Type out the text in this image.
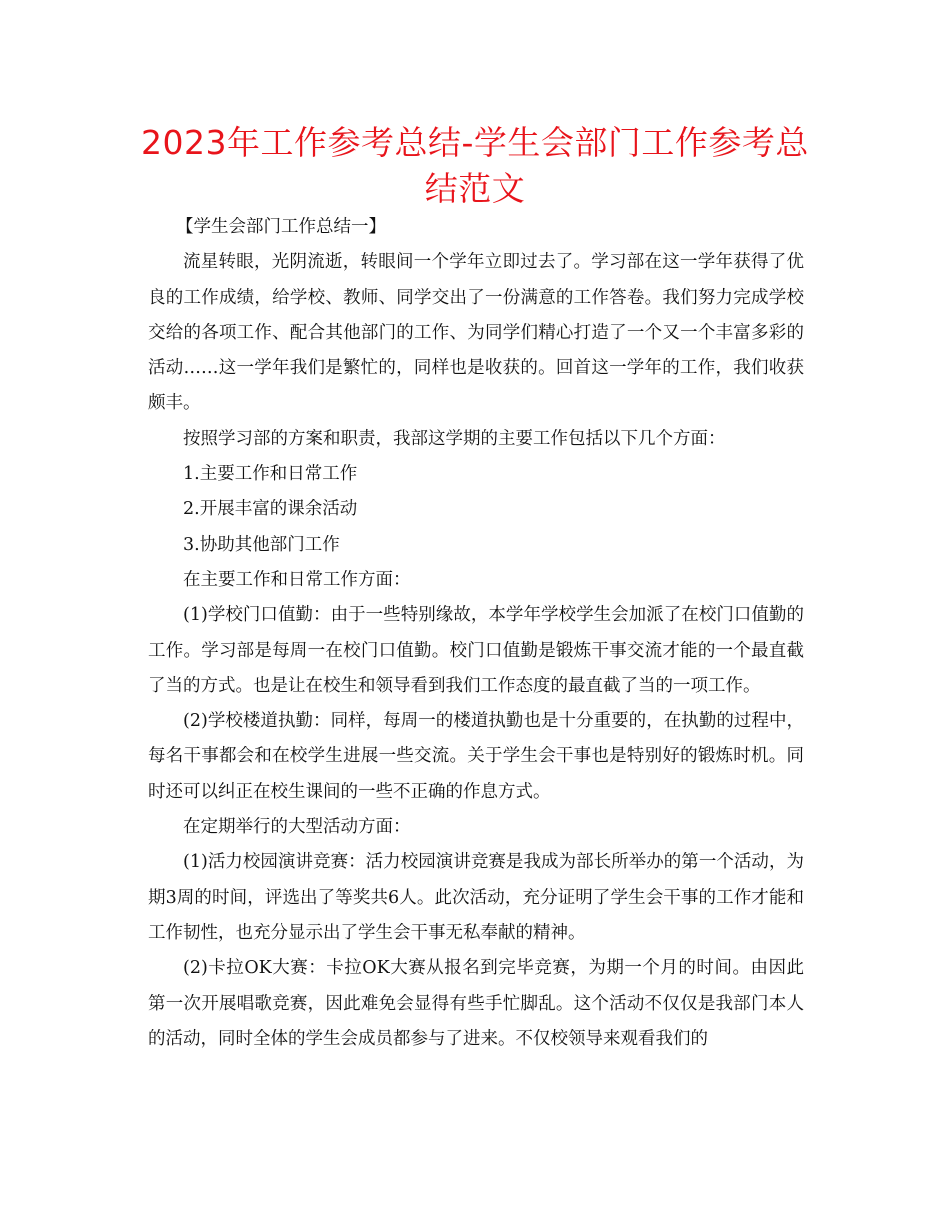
2023年工作参考总结-学生会部门工作参考总结范文

【学生会部门工作总结一】

流星转眼，光阴流逝，转眼间一个学年立即过去了。学习部在这一学年获得了优良的工作成绩，给学校、教师、同学交出了一份满意的工作答卷。我们努力完成学校交给的各项工作、配合其他部门的工作、为同学们精心打造了一个又一个丰富多彩的活动……这一学年我们是繁忙的，同样也是收获的。回首这一学年的工作，我们收获颇丰。

按照学习部的方案和职责，我部这学期的主要工作包括以下几个方面：

1.主要工作和日常工作

2.开展丰富的课余活动

3.协助其他部门工作

在主要工作和日常工作方面：

(1)学校门口值勤：由于一些特别缘故，本学年学校学生会加派了在校门口值勤的工作。学习部是每周一在校门口值勤。校门口值勤是锻炼干事交流才能的一个最直截了当的方式。也是让在校生和领导看到我们工作态度的最直截了当的一项工作。

(2)学校楼道执勤：同样，每周一的楼道执勤也是十分重要的，在执勤的过程中，每名干事都会和在校学生进展一些交流。关于学生会干事也是特别好的锻炼时机。同时还可以纠正在校生课间的一些不正确的作息方式。

在定期举行的大型活动方面：

(1)活力校园演讲竞赛：活力校园演讲竞赛是我成为部长所举办的第一个活动，为期3周的时间，评选出了等奖共6人。此次活动，充分证明了学生会干事的工作才能和工作韧性，也充分显示出了学生会干事无私奉献的精神。

(2)卡拉OK大赛：卡拉OK大赛从报名到完毕竞赛，为期一个月的时间。由因此第一次开展唱歌竞赛，因此难免会显得有些手忙脚乱。这个活动不仅仅是我部门本人的活动，同时全体的学生会成员都参与了进来。不仅校领导来观看我们的
